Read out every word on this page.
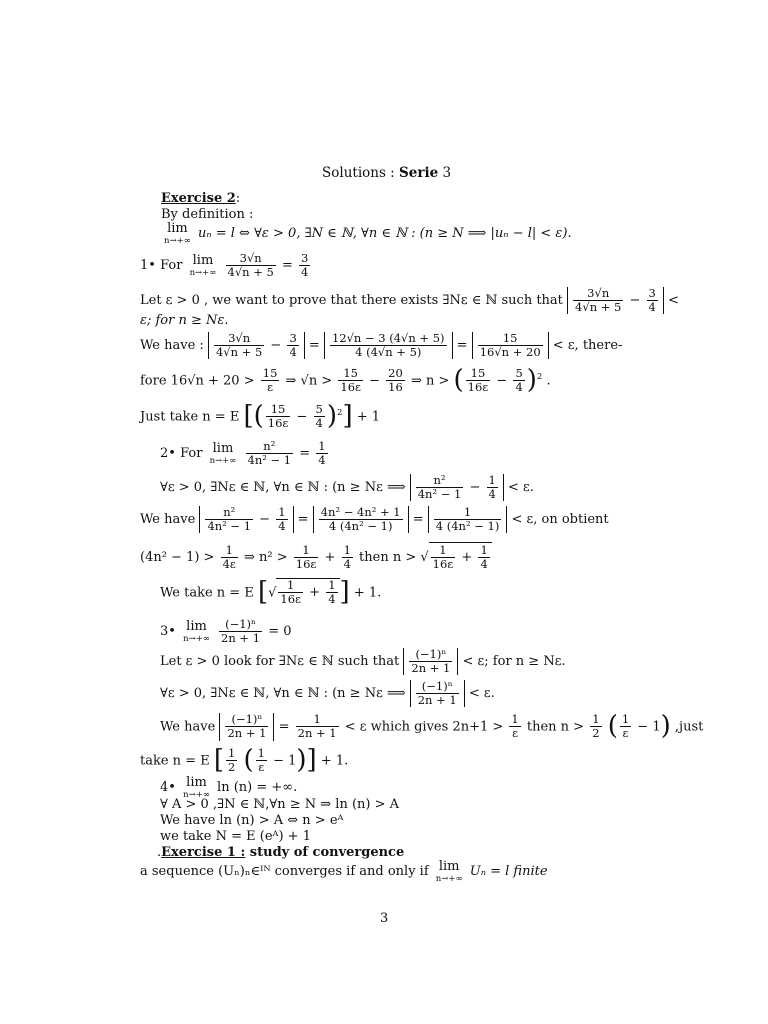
Solutions : Serie 3
Exercise 2:
By definition :
lim
n→+∞ uₙ = l ⇔ ∀ε > 0, ∃N ∈ ℕ, ∀n ∈ ℕ : (n ≥ N ⟹ |uₙ − l| < ε).
1• For lim
n→+∞
$\frac{3√n}{4√n + 5} = \frac{3}{4}$
Let ε > 0 , we want to prove that there exists ∃Nε ∈ ℕ such that $\frac{3√n}{4√n + 5} - \frac{3}{4}$ <
ε; for n ≥ Nε.
We have : $\frac{3√n}{4√n + 5} - \frac{3}{4} = \frac{12√n - 3 (4√n + 5)}{4 (4√n + 5)} = \frac{15}{16√n + 20} < \varepsilon$, there-
fore $16√n + 20 > \frac{15}{\varepsilon}$ ⇒ $√n > \frac{15}{16\varepsilon} - \frac{20}{16}$ ⇒ n > ( $\frac{15}{16\varepsilon} - \frac{5}{4} )^2$ .
Just take n = E [( $\frac{15}{16\varepsilon} - \frac{5}{4} )^2] + 1$
2• For lim
n→+∞
$\frac{\text{n²}}{\text{4n² − 1}} = \frac{1}{4}$
∀ε > 0, ∃Nε ∈ ℕ, ∀n ∈ ℕ : (n ≥ Nε ⟹ $\frac{\text{n²}}{\text{4n² − 1}} - \frac{1}{4} < \varepsilon$.
We have $\frac{\text{n²}}{\text{4n² − 1}} - \frac{1}{4} = \frac{\text{4n² − 4n² + 1}}{\text{4 (4n² − 1)}} = \frac{1}{\text{4 (4n² − 1)}} < \varepsilon$, on obtient
$(4n^2 - 1) > \frac{1}{4\varepsilon}$ ⇒ $n^2 > \frac{1}{16\varepsilon} + \frac{1}{4}$ then n > √ $\frac{1}{16\varepsilon} + \frac{1}{4}$
We take n = E [√ $\frac{1}{16\varepsilon} + \frac{1}{4}$ ] + 1.
3• lim
n→+∞
$\frac{\text{(−1)ⁿ}}{2n + 1} = 0$
Let ε > 0 look for ∃Nε ∈ ℕ such that $\frac{\text{(−1)ⁿ}}{2n + 1} < \varepsilon$; for n ≥ Nε.
∀ε > 0, ∃Nε ∈ ℕ, ∀n ∈ ℕ : (n ≥ Nε ⟹ $\frac{\text{(−1)ⁿ}}{2n + 1} < \varepsilon$.
We have $\frac{\text{(−1)ⁿ}}{2n + 1} = \frac{1}{2n + 1} < \varepsilon$ which gives $2n+1 > \frac{1}{\varepsilon}$ then $n > \frac{1}{2}$ ( $\frac{1}{\varepsilon} - 1$) ,just
take n = E [ $\frac{1}{2}$ ( $\frac{1}{\varepsilon} - 1)] + 1$.
4• lim
n→+∞ ln (n) = +∞.
∀ A > 0 ,∃N ∈ ℕ,∀n ≥ N ⇒ ln (n) > A
We have ln (n) > A ⇔ n > eᴬ
we take N = E (eᴬ) + 1
.Exercise 1 : study of convergence
a sequence (Uₙ)ₙ∈ᴵᴺ converges if and only if lim
n→+∞ Uₙ = l finite
3
